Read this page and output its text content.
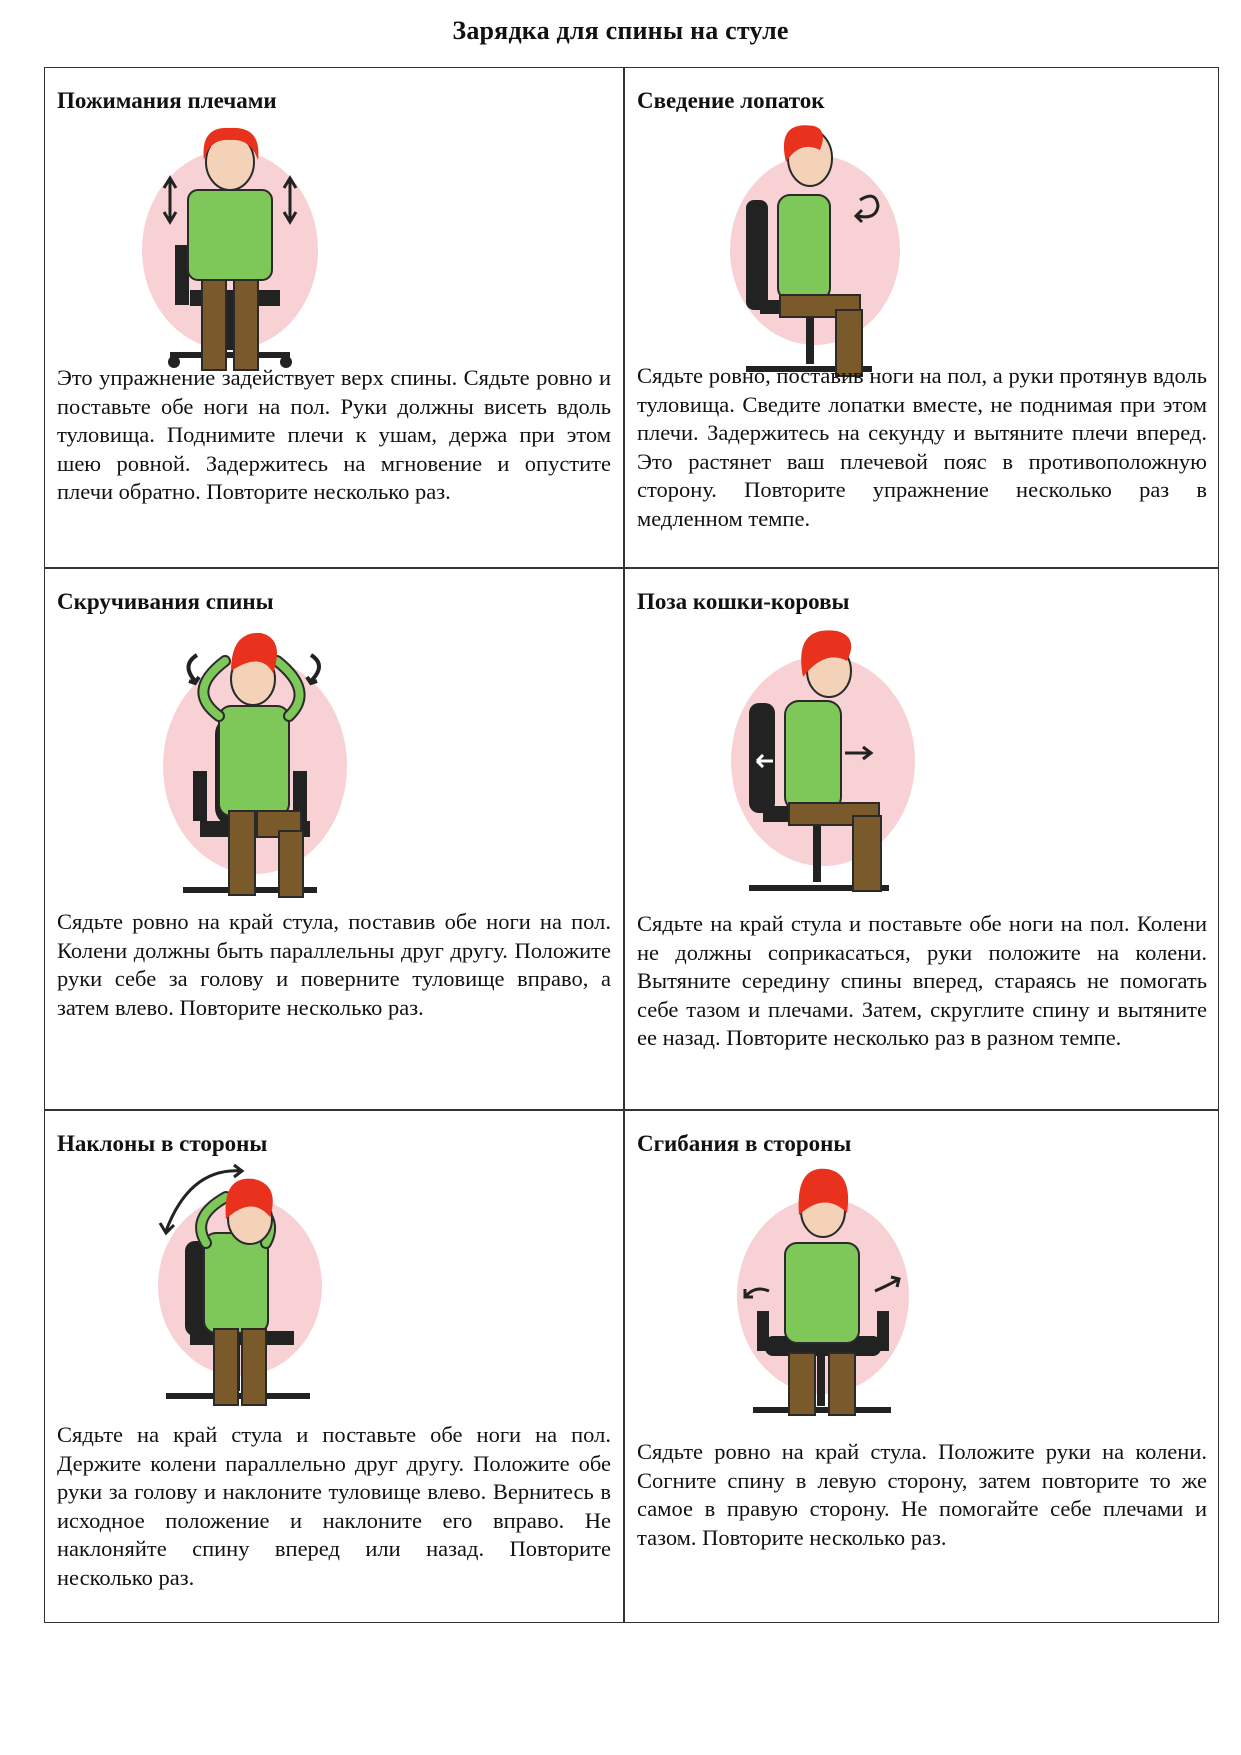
Зарядка для спины на стуле
Пожимания плечами
Это упражнение задействует верх спины. Сядьте ровно и поставьте обе ноги на пол. Руки должны висеть вдоль туловища. Поднимите плечи к ушам, держа при этом шею ровной. Задержитесь на мгновение и опустите плечи обратно. Повторите несколько раз.
Сведение лопаток
Сядьте ровно, поставив ноги на пол, а руки протянув вдоль туловища. Сведите лопатки вместе, не поднимая при этом плечи. Задержитесь на секунду и вытяните плечи вперед. Это растянет ваш плечевой пояс в противоположную сторону. Повторите упражнение несколько раз в медленном темпе.
Скручивания спины
Сядьте ровно на край стула, поставив обе ноги на пол. Колени должны быть параллельны друг другу. Положите руки себе за голову и поверните туловище вправо, а затем влево. Повторите несколько раз.
Поза кошки-коровы
Сядьте на край стула и поставьте обе ноги на пол. Колени не должны соприкасаться, руки положите на колени. Вытяните середину спины вперед, стараясь не помогать себе тазом и плечами. Затем, скруглите спину и вытяните ее назад. Повторите несколько раз в разном темпе.
Наклоны в стороны
Сядьте на край стула и поставьте обе ноги на пол. Держите колени параллельно друг другу. Положите обе руки за голову и наклоните туловище влево. Вернитесь в исходное положение и наклоните его вправо. Не наклоняйте спину вперед или назад. Повторите несколько раз.
Сгибания в стороны
Сядьте ровно на край стула. Положите руки на колени. Согните спину в левую сторону, затем повторите то же самое в правую сторону. Не помогайте себе плечами и тазом. Повторите несколько раз.
